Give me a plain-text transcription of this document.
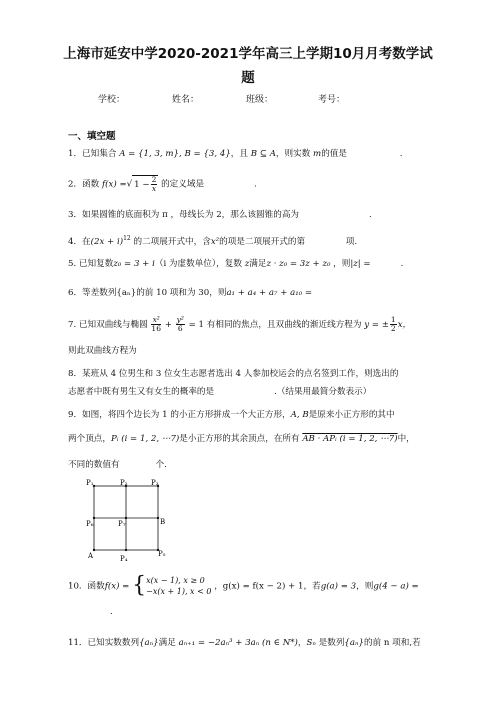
上海市延安中学2020-2021学年高三上学期10月月考数学试
题
学校：	姓名：	班级：	考号：
一、填空题
1．已知集合 A = {1, 3, m}, B = {3, 4}，且 B ⊆ A，则实数 m的值是	.
2．函数 f(x) =√ $1 - \frac{2}{x}$ 的定义域是	.
3．如果圆锥的底面积为 π ，母线长为 2，那么该圆锥的高为	.
4．在$(2x + i)^{12}$ 的二项展开式中，含x²的项是二项展开式的第	项.
5. 已知复数z₀ = 3 + i（i 为虚数单位），复数 z满足z · z₀ = 3z + z₀ ，则|z| =	.
6．等差数列{aₙ}的前 10 项和为 30，则a₁ + a₄ + a₇ + a₁₀ =
7. 已知双曲线与椭圆 $\frac{\text{x²}}{16} + \frac{\text{y²}}{6} = 1$ 有相同的焦点，且双曲线的渐近线方程为 y = ± $\frac{1}{2}$ x，
则此双曲线方程为
8．某班从 4 位男生和 3 位女生志愿者选出 4 人参加校运会的点名签到工作，则选出的
志愿者中既有男生又有女生的概率的是	.（结果用最简分数表示）
9．如图，将四个边长为 1 的小正方形拼成一个大正方形，A, B是原来小正方形的其中
两个顶点，Pᵢ (i = 1, 2, ⋯7)是小正方形的其余顶点，在所有 AB · APᵢ (i = 1, 2, ⋯7)中，
不同的数值有	个.
P₁	P₂	P₃
P₄
P₅
P₆	P₇
A
B
10．函数f(x) = {x(x − 1), x ≥ 0
−x(x + 1), x < 0 ，g(x) = f(x − 2) + 1，若g(a) = 3，则g(4 − a) =
.
11．已知实数数列{aₙ}满足 aₙ₊₁ = −2aₙ³ + 3aₙ (n ∈ N*)，Sₙ 是数列{aₙ}的前 n 项和,若
